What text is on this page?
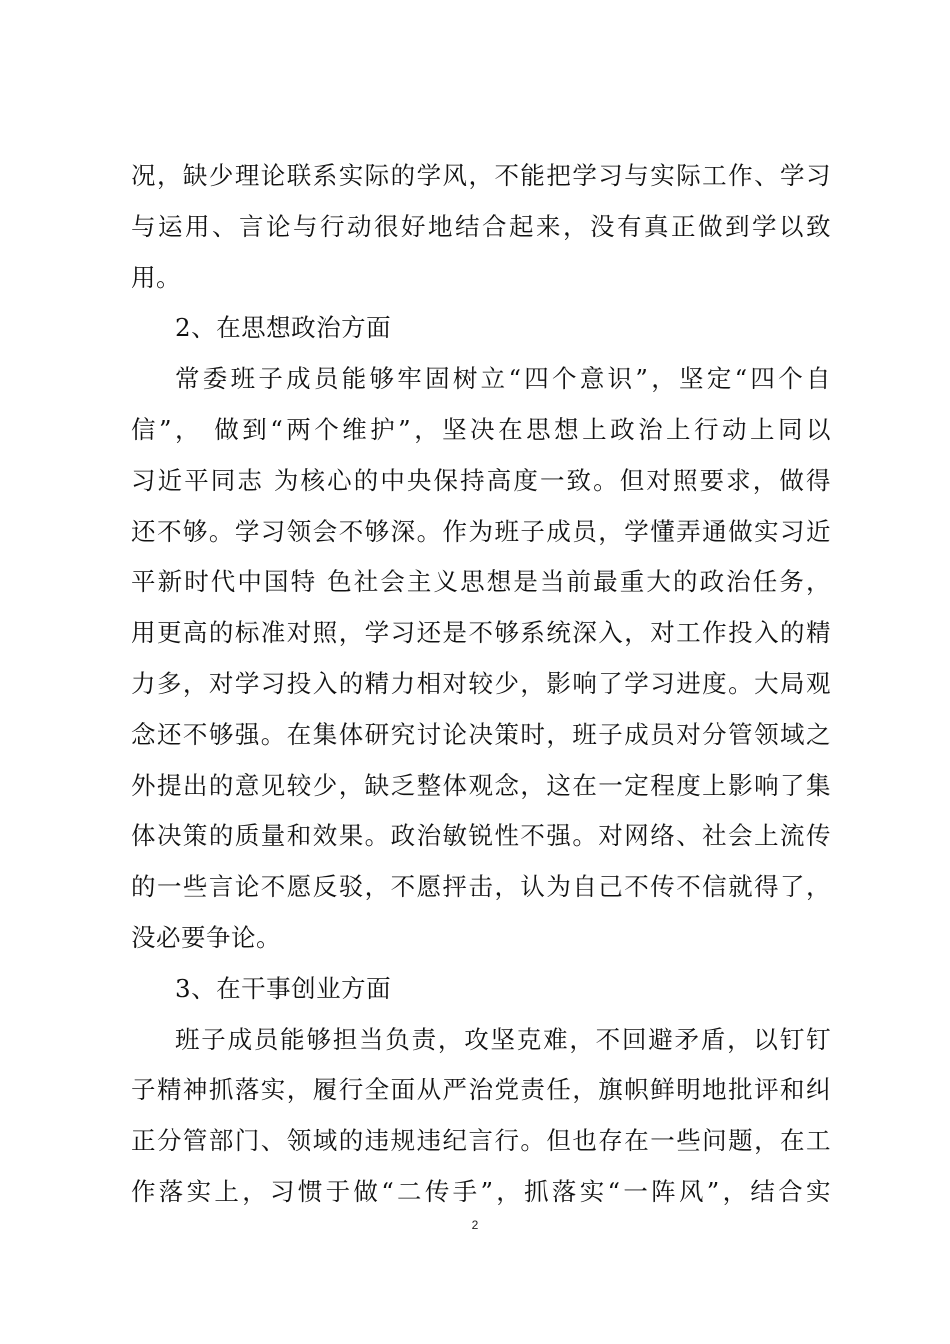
况，缺少理论联系实际的学风，不能把学习与实际工作、学习
与运用、言论与行动很好地结合起来，没有真正做到学以致
用。
2、在思想政治方面
常委班子成员能够牢固树立“四个意识”，坚定“四个自
信”， 做到“两个维护”，坚决在思想上政治上行动上同以
习近平同志 为核心的中央保持高度一致。但对照要求，做得
还不够。学习领会不够深。作为班子成员，学懂弄通做实习近
平新时代中国特 色社会主义思想是当前最重大的政治任务，
用更高的标准对照，学习还是不够系统深入，对工作投入的精
力多，对学习投入的精力相对较少，影响了学习进度。大局观
念还不够强。在集体研究讨论决策时，班子成员对分管领域之
外提出的意见较少，缺乏整体观念，这在一定程度上影响了集
体决策的质量和效果。政治敏锐性不强。对网络、社会上流传
的一些言论不愿反驳，不愿抨击，认为自己不传不信就得了，
没必要争论。
3、在干事创业方面
班子成员能够担当负责，攻坚克难，不回避矛盾，以钉钉
子精神抓落实，履行全面从严治党责任，旗帜鲜明地批评和纠
正分管部门、领域的违规违纪言行。但也存在一些问题，在工
作落实上，习惯于做“二传手”，抓落实“一阵风”，结合实
2
